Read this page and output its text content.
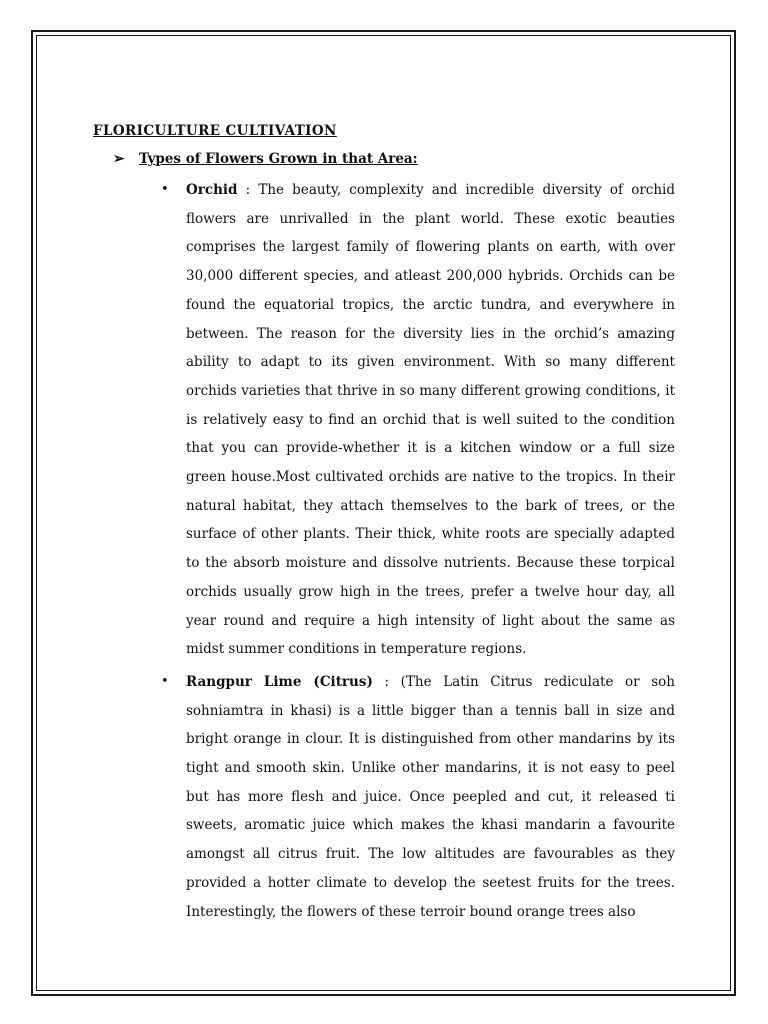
FLORICULTURE CULTIVATION
➢	Types of Flowers Grown in that Area:
• Orchid : The beauty, complexity and incredible diversity of orchid flowers are unrivalled in the plant world. These exotic beauties comprises the largest family of flowering plants on earth, with over 30,000 different species, and atleast 200,000 hybrids. Orchids can be found the equatorial tropics, the arctic tundra, and everywhere in between. The reason for the diversity lies in the orchid’s amazing ability to adapt to its given environment. With so many different orchids varieties that thrive in so many different growing conditions, it is relatively easy to find an orchid that is well suited to the condition that you can provide-whether it is a kitchen window or a full size green house.Most cultivated orchids are native to the tropics. In their natural habitat, they attach themselves to the bark of trees, or the surface of other plants. Their thick, white roots are specially adapted to the absorb moisture and dissolve nutrients. Because these torpical orchids usually grow high in the trees, prefer a twelve hour day, all year round and require a high intensity of light about the same as midst summer conditions in temperature regions.
• Rangpur Lime (Citrus) : (The Latin Citrus rediculate or soh sohniamtra in khasi) is a little bigger than a tennis ball in size and bright orange in clour. It is distinguished from other mandarins by its tight and smooth skin. Unlike other mandarins, it is not easy to peel but has more flesh and juice. Once peepled and cut, it released ti sweets, aromatic juice which makes the khasi mandarin a favourite amongst all citrus fruit. The low altitudes are favourables as they provided a hotter climate to develop the seetest fruits for the trees. Interestingly, the flowers of these terroir bound orange trees also
